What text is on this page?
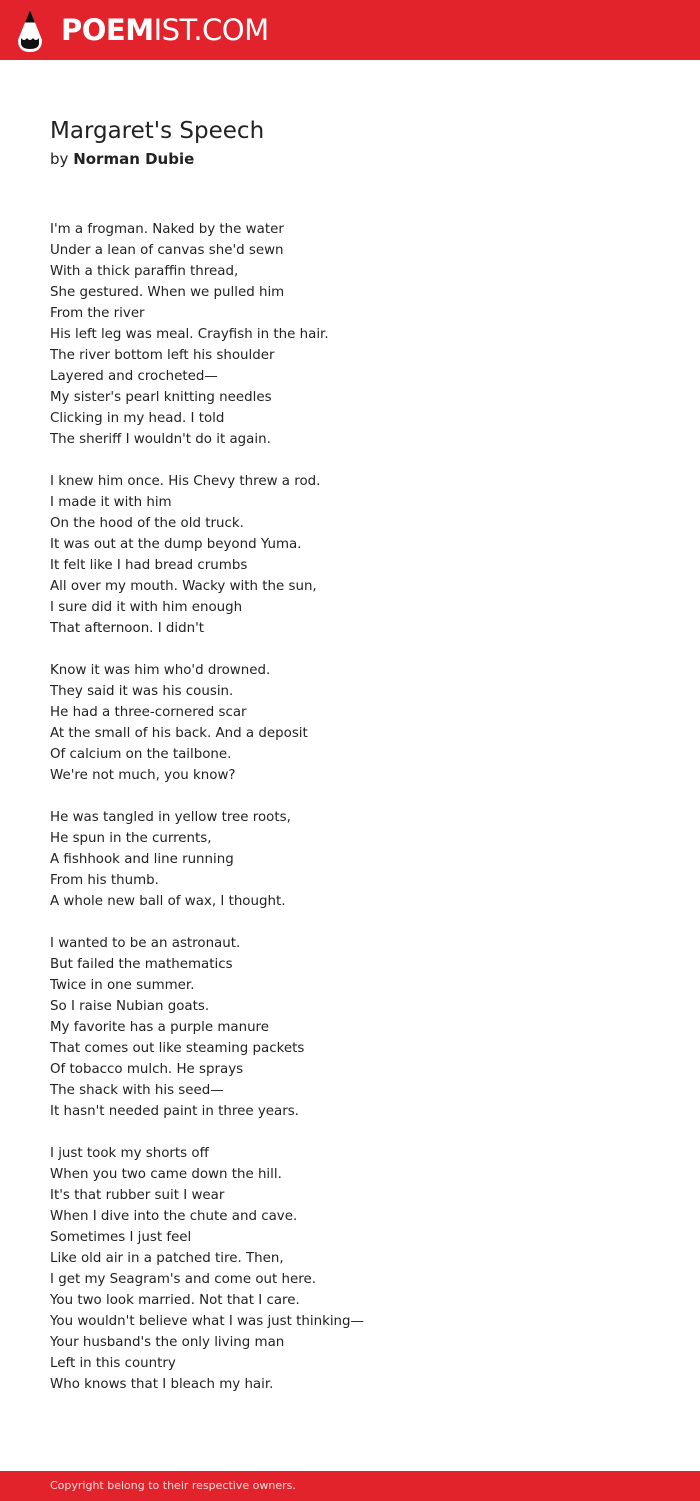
POEMIST.COM
Margaret's Speech
by Norman Dubie
I'm a frogman. Naked by the water
Under a lean of canvas she'd sewn
With a thick paraffin thread,
She gestured. When we pulled him
From the river
His left leg was meal. Crayfish in the hair.
The river bottom left his shoulder
Layered and crocheted—
My sister's pearl knitting needles
Clicking in my head. I told
The sheriff I wouldn't do it again.
I knew him once. His Chevy threw a rod.
I made it with him
On the hood of the old truck.
It was out at the dump beyond Yuma.
It felt like I had bread crumbs
All over my mouth. Wacky with the sun,
I sure did it with him enough
That afternoon. I didn't
Know it was him who'd drowned.
They said it was his cousin.
He had a three-cornered scar
At the small of his back. And a deposit
Of calcium on the tailbone.
We're not much, you know?
He was tangled in yellow tree roots,
He spun in the currents,
A fishhook and line running
From his thumb.
A whole new ball of wax, I thought.
I wanted to be an astronaut.
But failed the mathematics
Twice in one summer.
So I raise Nubian goats.
My favorite has a purple manure
That comes out like steaming packets
Of tobacco mulch. He sprays
The shack with his seed—
It hasn't needed paint in three years.
I just took my shorts off
When you two came down the hill.
It's that rubber suit I wear
When I dive into the chute and cave.
Sometimes I just feel
Like old air in a patched tire. Then,
I get my Seagram's and come out here.
You two look married. Not that I care.
You wouldn't believe what I was just thinking—
Your husband's the only living man
Left in this country
Who knows that I bleach my hair.
Copyright belong to their respective owners.
